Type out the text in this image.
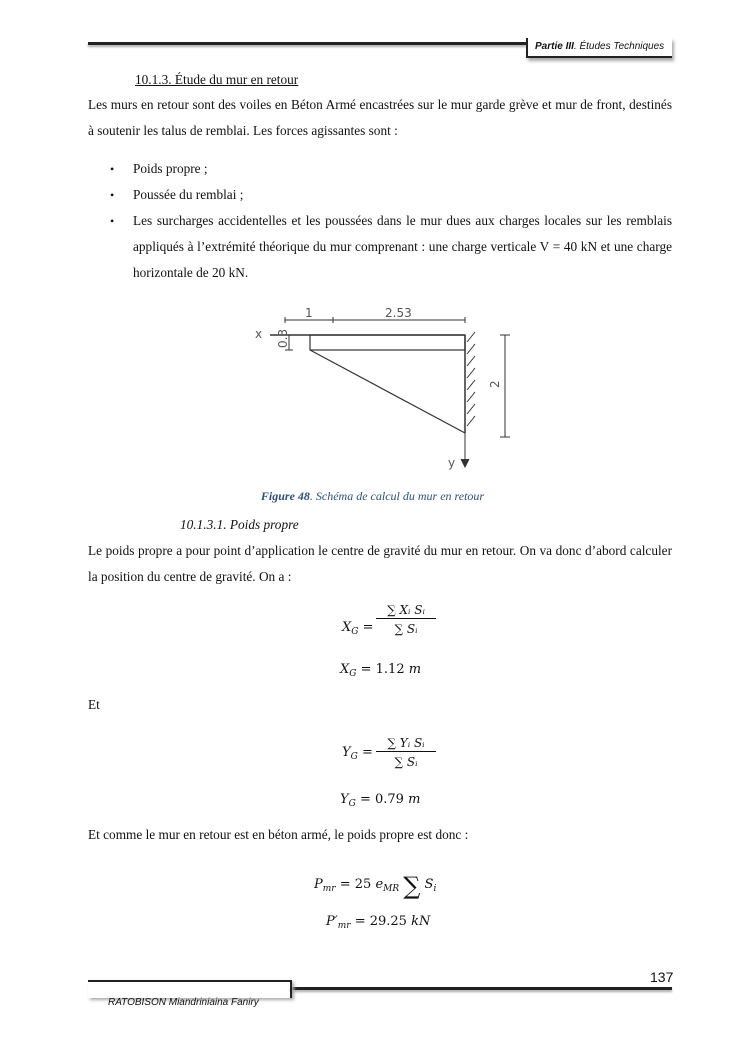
Partie III. Études Techniques
10.1.3. Étude du mur en retour

Les murs en retour sont des voiles en Béton Armé encastrées sur le mur garde grève et mur de front, destinés à soutenir les talus de remblai. Les forces agissantes sont :

• Poids propre ;
• Poussée du remblai ;
• Les surcharges accidentelles et les poussées dans le mur dues aux charges locales sur les remblais appliqués à l’extrémité théorique du mur comprenant : une charge verticale V = 40 kN et une charge horizontale de 20 kN.
1	2.53
x
y
0.3
2
Figure 48. Schéma de calcul du mur en retour
10.1.3.1. Poids propre

Le poids propre a pour point d’application le centre de gravité du mur en retour. On va donc d’abord calculer la position du centre de gravité. On a :

$X_G$ =
∑ Xᵢ Sᵢ
∑ Sᵢ
$X_G = 1.12$ m
Et
$Y_G$ =
∑ Yᵢ Sᵢ
∑ Sᵢ
$Y_G = 0.79$ m

Et comme le mur en retour est en béton armé, le poids propre est donc :

$P_{mr} = 25$ $e_{MR}$ ∑ $S_i$
$P'_{mr} = 29.25$ kN
137
RATOBISON Miandriniaina Faniry
